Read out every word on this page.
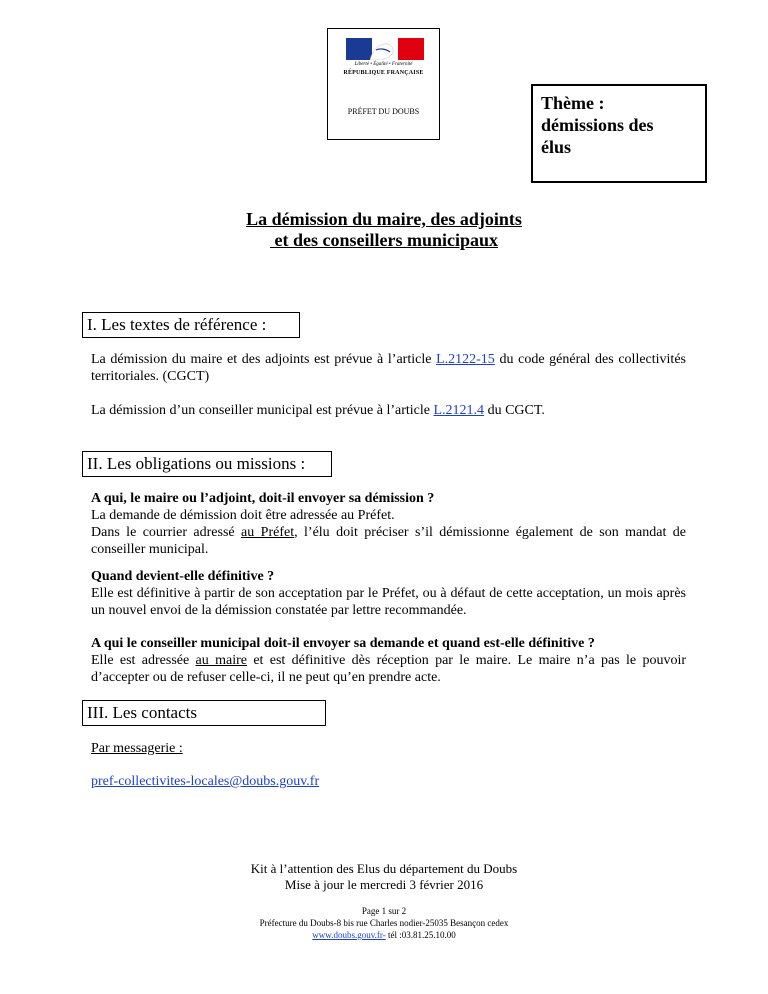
Liberté • Égalité • Fraternité
RÉPUBLIQUE FRANÇAISE
PRÉFET DU DOUBS	Thème :
démissions des
élus
La démission du maire, des adjoints
et des conseillers municipaux
I. Les textes de référence :
La démission du maire et des adjoints est prévue à l’article L.2122-15 du code général des collectivités territoriales. (CGCT)
La démission d’un conseiller municipal est prévue à l’article L.2121.4 du CGCT.
II. Les obligations ou missions :
A qui, le maire ou l’adjoint, doit-il envoyer sa démission ?
La demande de démission doit être adressée au Préfet.
Dans le courrier adressé au Préfet, l’élu doit préciser s’il démissionne également de son mandat de conseiller municipal.
Quand devient-elle définitive ?
Elle est définitive à partir de son acceptation par le Préfet, ou à défaut de cette acceptation, un mois après un nouvel envoi de la démission constatée par lettre recommandée.
A qui le conseiller municipal doit-il envoyer sa demande et quand est-elle définitive ?
Elle est adressée au maire et est définitive dès réception par le maire. Le maire n’a pas le pouvoir d’accepter ou de refuser celle-ci, il ne peut qu’en prendre acte.
III. Les contacts
Par messagerie :
pref-collectivites-locales@doubs.gouv.fr
Kit à l’attention des Elus du département du Doubs
Mise à jour le mercredi 3 février 2016
Page 1 sur 2
Préfecture du Doubs-8 bis rue Charles nodier-25035 Besançon cedex
www.doubs.gouv.fr- tél :03.81.25.10.00
